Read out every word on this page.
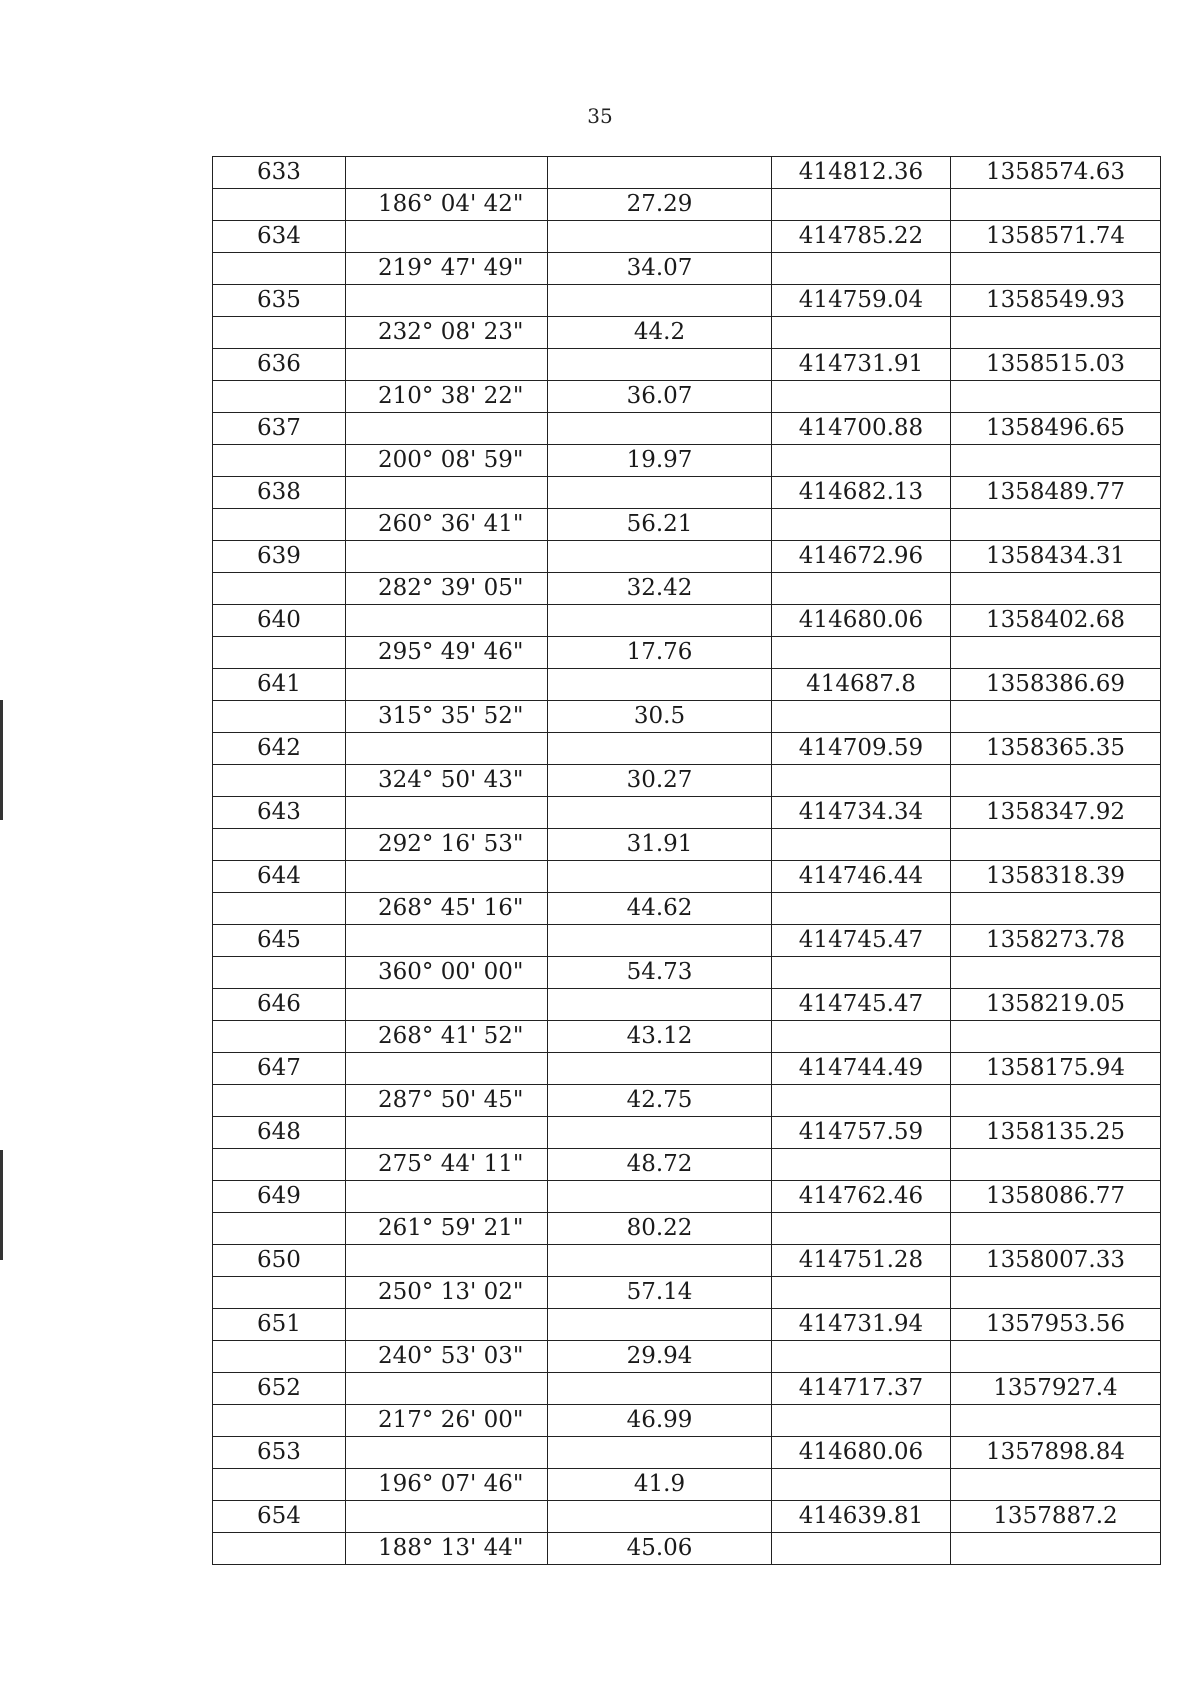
35
633			414812.36	1358574.63
	186° 04' 42"	27.29		
634			414785.22	1358571.74
	219° 47' 49"	34.07		
635			414759.04	1358549.93
	232° 08' 23"	44.2		
636			414731.91	1358515.03
	210° 38' 22"	36.07		
637			414700.88	1358496.65
	200° 08' 59"	19.97		
638			414682.13	1358489.77
	260° 36' 41"	56.21		
639			414672.96	1358434.31
	282° 39' 05"	32.42		
640			414680.06	1358402.68
	295° 49' 46"	17.76		
641			414687.8	1358386.69
	315° 35' 52"	30.5		
642			414709.59	1358365.35
	324° 50' 43"	30.27		
643			414734.34	1358347.92
	292° 16' 53"	31.91		
644			414746.44	1358318.39
	268° 45' 16"	44.62		
645			414745.47	1358273.78
	360° 00' 00"	54.73		
646			414745.47	1358219.05
	268° 41' 52"	43.12		
647			414744.49	1358175.94
	287° 50' 45"	42.75		
648			414757.59	1358135.25
	275° 44' 11"	48.72		
649			414762.46	1358086.77
	261° 59' 21"	80.22		
650			414751.28	1358007.33
	250° 13' 02"	57.14		
651			414731.94	1357953.56
	240° 53' 03"	29.94		
652			414717.37	1357927.4
	217° 26' 00"	46.99		
653			414680.06	1357898.84
	196° 07' 46"	41.9		
654			414639.81	1357887.2
	188° 13' 44"	45.06		
